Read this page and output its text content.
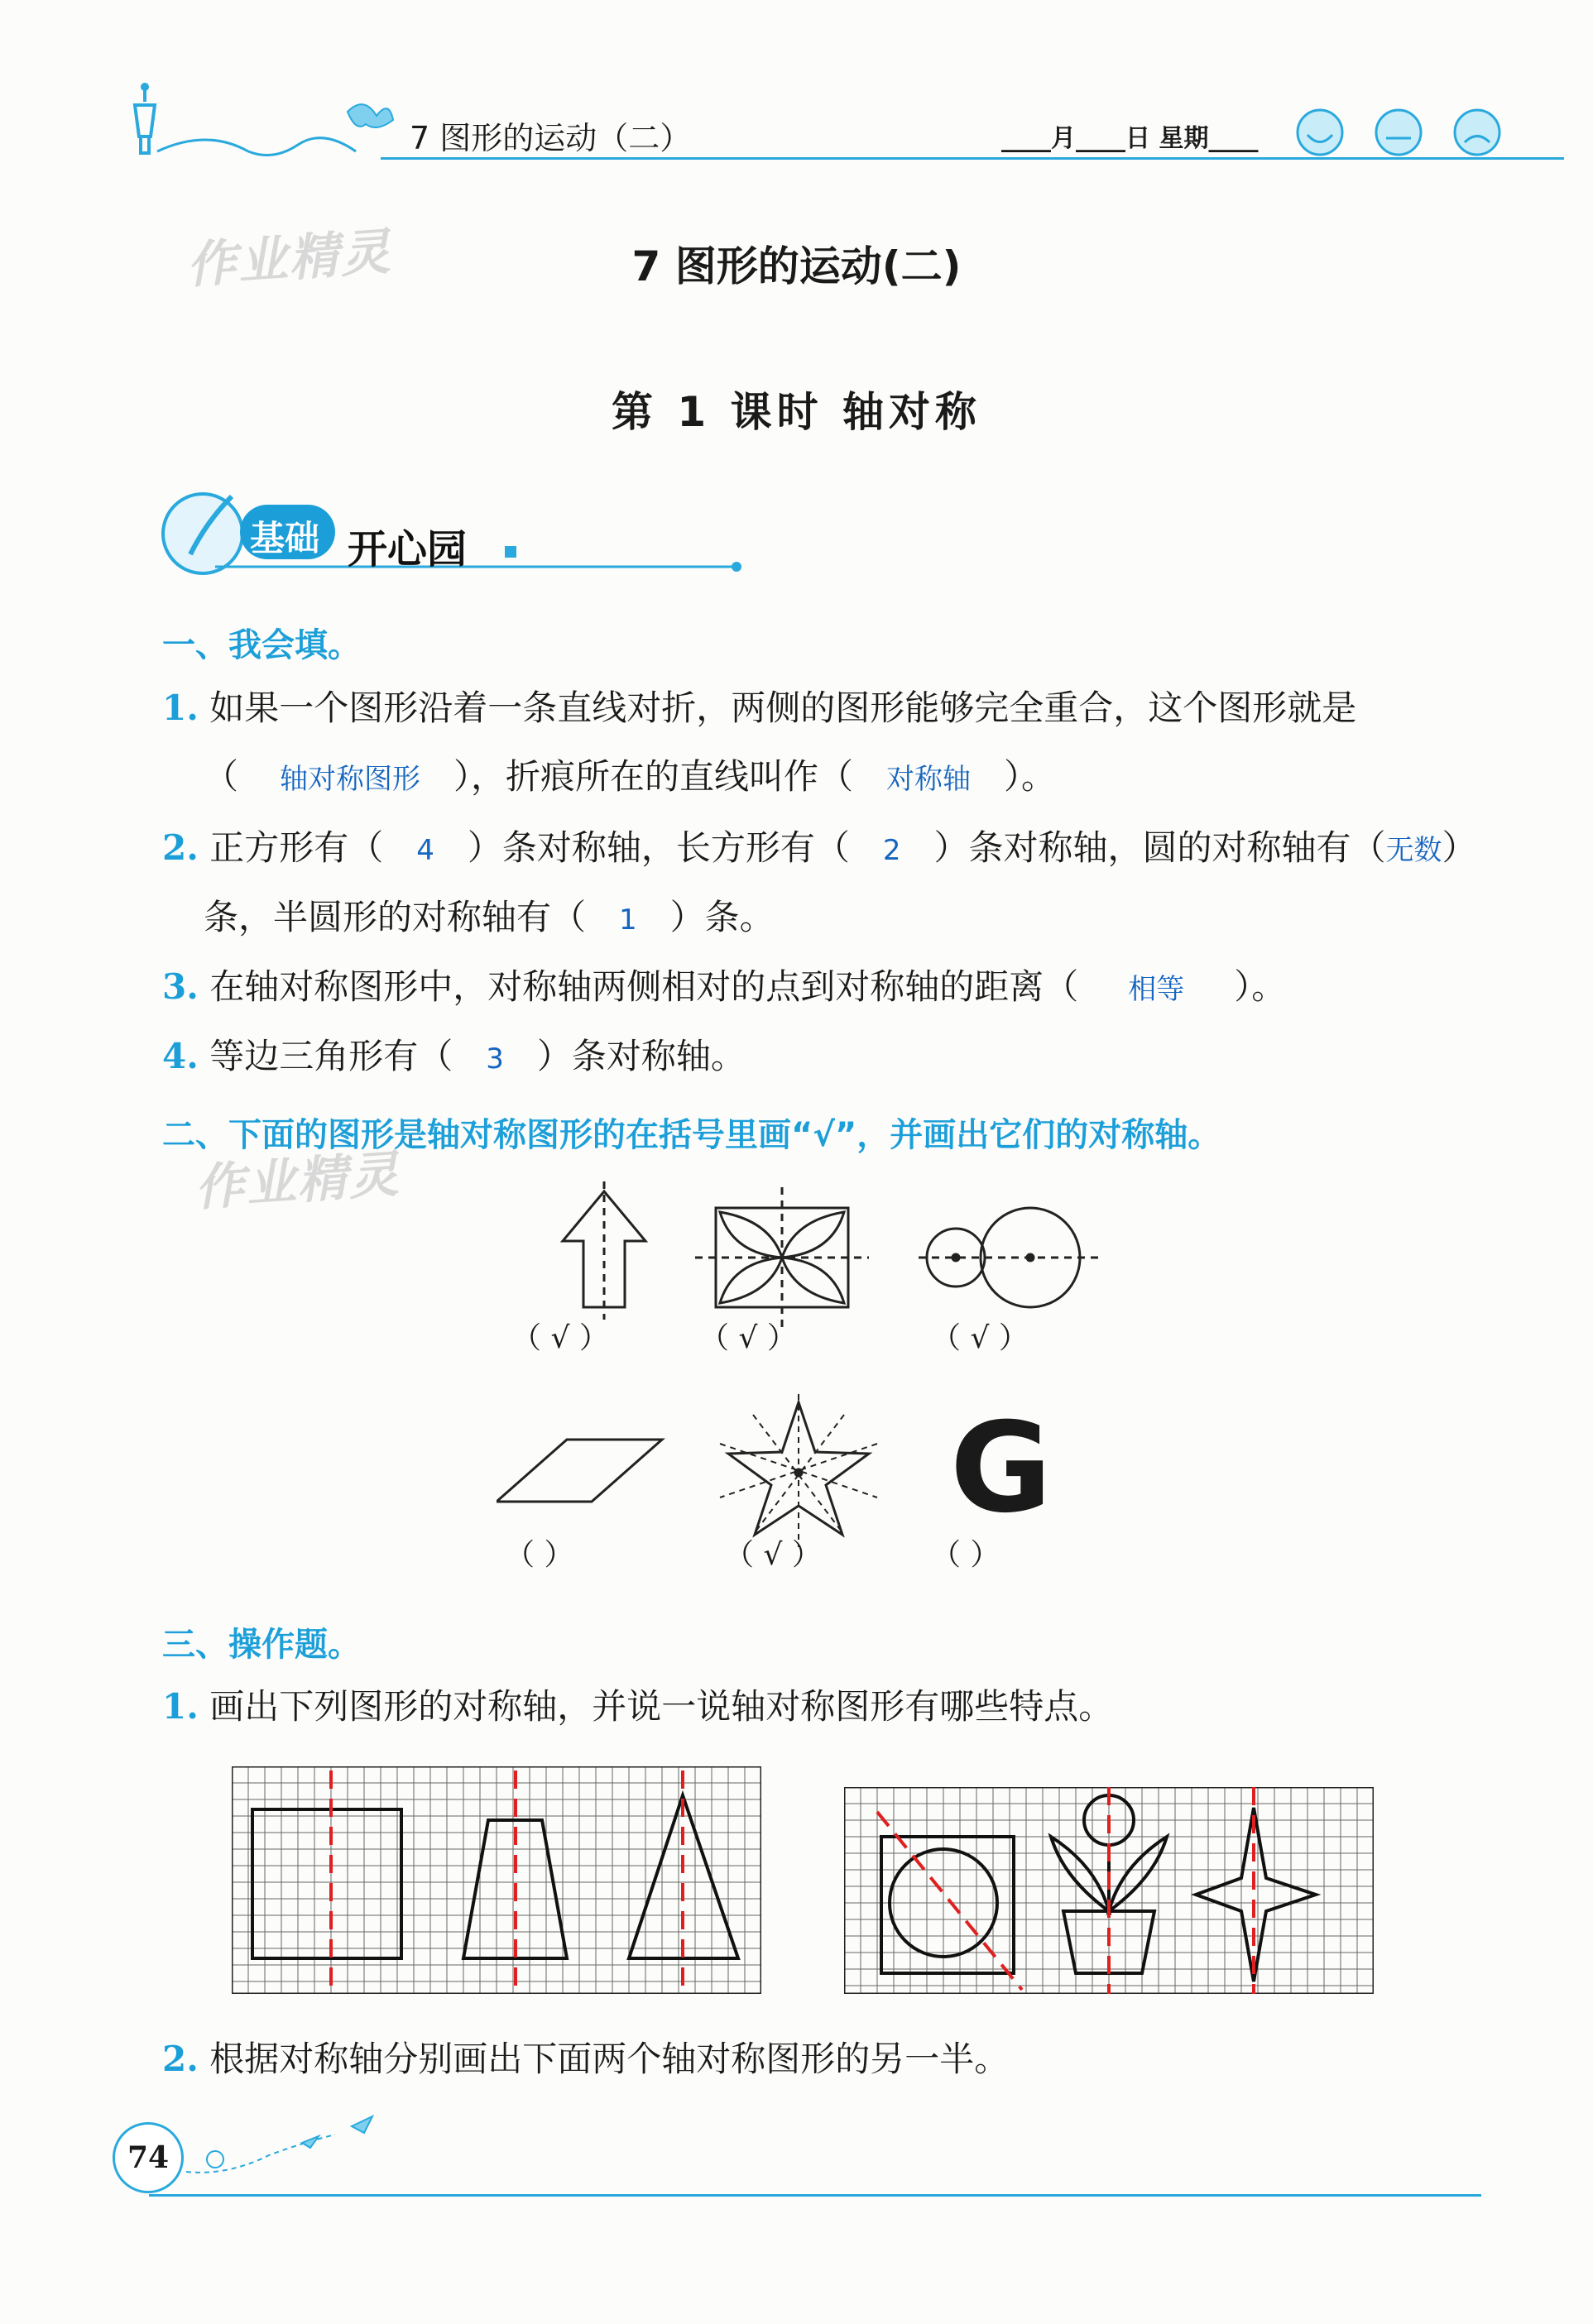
7 图形的运动（二）	____月____日 星期____
作业精灵
作业精灵
7 图形的运动(二)
第 1 课时 轴对称
基础 开心园
一、我会填。
1. 如果一个图形沿着一条直线对折，两侧的图形能够完全重合，这个图形就是
（ 轴对称图形 ），折痕所在的直线叫作（ 对称轴 ）。
2. 正方形有（ 4 ）条对称轴，长方形有（ 2 ）条对称轴，圆的对称轴有（无数）
条，半圆形的对称轴有（ 1 ）条。
3. 在轴对称图形中，对称轴两侧相对的点到对称轴的距离（ 相等 ）。
4. 等边三角形有（ 3 ）条对称轴。
二、下面的图形是轴对称图形的在括号里画“√”，并画出它们的对称轴。
（ √ ）	（ √ ）	（ √ ）
G
（ ）	（ √ ）	（ ）
三、操作题。
1. 画出下列图形的对称轴，并说一说轴对称图形有哪些特点。
2. 根据对称轴分别画出下面两个轴对称图形的另一半。
74
